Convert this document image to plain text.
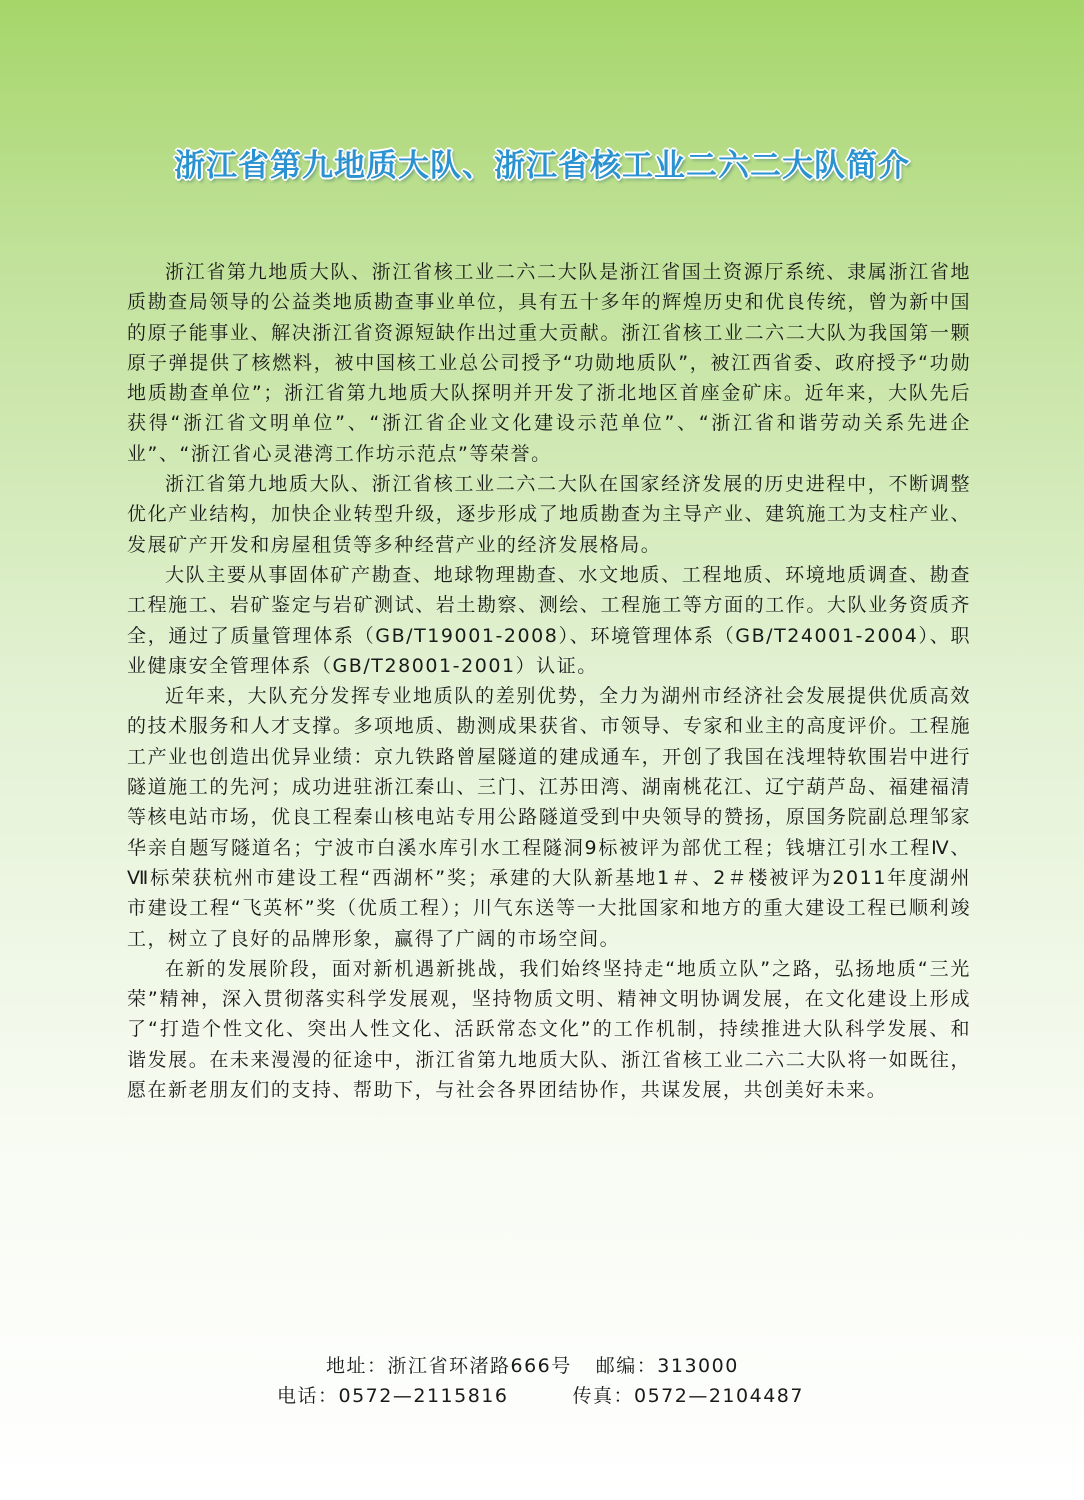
浙江省第九地质大队、浙江省核工业二六二大队简介

浙江省第九地质大队、浙江省核工业二六二大队是浙江省国土资源厅系统、隶属浙江省地质勘查局领导的公益类地质勘查事业单位，具有五十多年的辉煌历史和优良传统，曾为新中国的原子能事业、解决浙江省资源短缺作出过重大贡献。浙江省核工业二六二大队为我国第一颗原子弹提供了核燃料，被中国核工业总公司授予“功勋地质队”，被江西省委、政府授予“功勋地质勘查单位”；浙江省第九地质大队探明并开发了浙北地区首座金矿床。近年来，大队先后获得“浙江省文明单位”、“浙江省企业文化建设示范单位”、“浙江省和谐劳动关系先进企业”、“浙江省心灵港湾工作坊示范点”等荣誉。

浙江省第九地质大队、浙江省核工业二六二大队在国家经济发展的历史进程中，不断调整优化产业结构，加快企业转型升级，逐步形成了地质勘查为主导产业、建筑施工为支柱产业、发展矿产开发和房屋租赁等多种经营产业的经济发展格局。

大队主要从事固体矿产勘查、地球物理勘查、水文地质、工程地质、环境地质调查、勘查工程施工、岩矿鉴定与岩矿测试、岩土勘察、测绘、工程施工等方面的工作。大队业务资质齐全，通过了质量管理体系（GB/T19001-2008）、环境管理体系（GB/T24001-2004）、职业健康安全管理体系（GB/T28001-2001）认证。

近年来，大队充分发挥专业地质队的差别优势，全力为湖州市经济社会发展提供优质高效的技术服务和人才支撑。多项地质、勘测成果获省、市领导、专家和业主的高度评价。工程施工产业也创造出优异业绩：京九铁路曾屋隧道的建成通车，开创了我国在浅埋特软围岩中进行隧道施工的先河；成功进驻浙江秦山、三门、江苏田湾、湖南桃花江、辽宁葫芦岛、福建福清等核电站市场，优良工程秦山核电站专用公路隧道受到中央领导的赞扬，原国务院副总理邹家华亲自题写隧道名；宁波市白溪水库引水工程隧洞9标被评为部优工程；钱塘江引水工程Ⅳ、Ⅶ标荣获杭州市建设工程“西湖杯”奖；承建的大队新基地1＃、2＃楼被评为2011年度湖州市建设工程“飞英杯”奖（优质工程）；川气东送等一大批国家和地方的重大建设工程已顺利竣工，树立了良好的品牌形象，赢得了广阔的市场空间。

在新的发展阶段，面对新机遇新挑战，我们始终坚持走“地质立队”之路，弘扬地质“三光荣”精神，深入贯彻落实科学发展观，坚持物质文明、精神文明协调发展，在文化建设上形成了“打造个性文化、突出人性文化、活跃常态文化”的工作机制，持续推进大队科学发展、和谐发展。在未来漫漫的征途中，浙江省第九地质大队、浙江省核工业二六二大队将一如既往，愿在新老朋友们的支持、帮助下，与社会各界团结协作，共谋发展，共创美好未来。

地址：浙江省环渚路666号 邮编：313000
电话：0572—2115816	传真：0572—2104487
